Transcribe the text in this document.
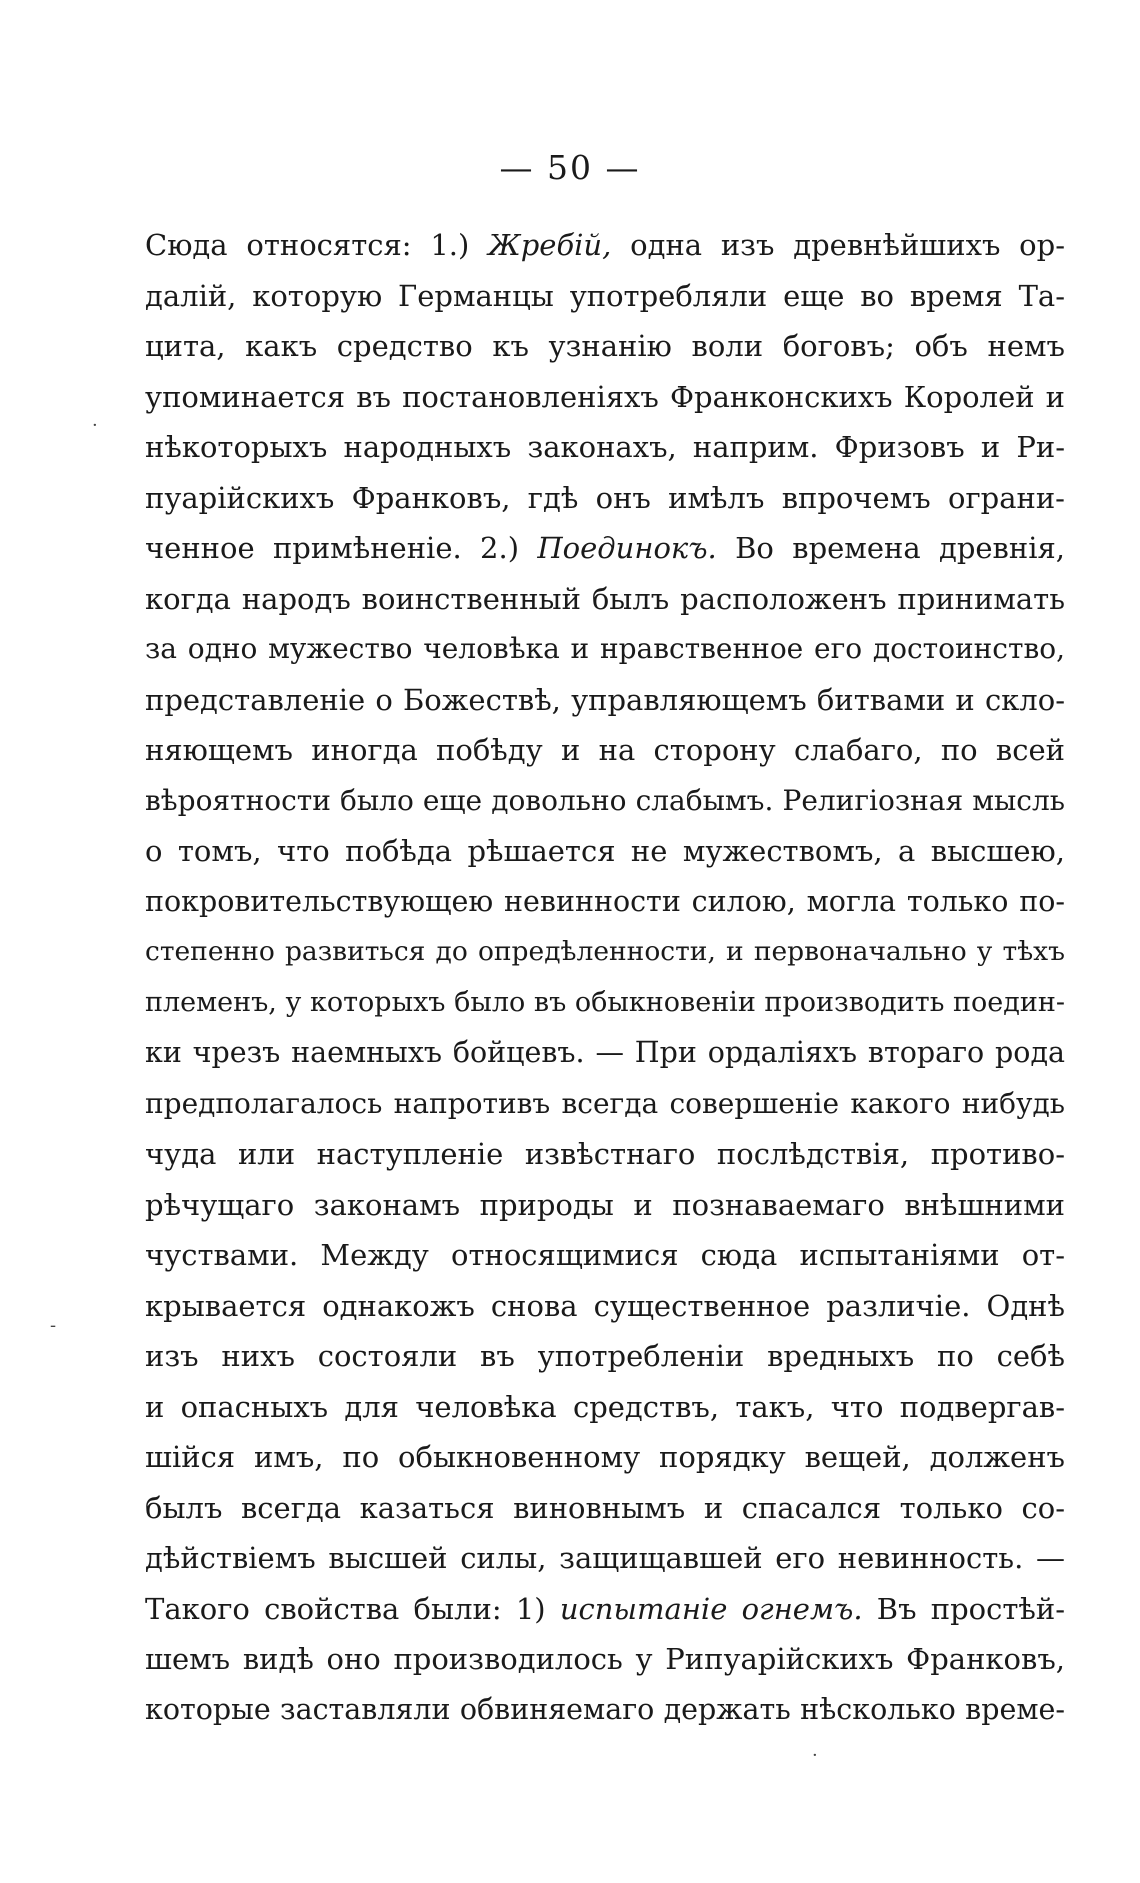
— 50 —
Сюда относятся: 1.) Жребій, одна изъ древнѣйшихъ ор-
далій, которую Германцы употребляли еще во время Та-
цита, какъ средство къ узнанію воли боговъ; объ немъ
упоминается въ постановленіяхъ Франконскихъ Королей и
нѣкоторыхъ народныхъ законахъ, наприм. Фризовъ и Ри-
пуарійскихъ Франковъ, гдѣ онъ имѣлъ впрочемъ ограни-
ченное примѣненіе. 2.) Поединокъ. Во времена древнія,
когда народъ воинственный былъ расположенъ принимать
за одно мужество человѣка и нравственное его достоинство,
представленіе о Божествѣ, управляющемъ битвами и скло-
няющемъ иногда побѣду и на сторону слабаго, по всей
вѣроятности было еще довольно слабымъ. Религіозная мысль
о томъ, что побѣда рѣшается не мужествомъ, а высшею,
покровительствующею невинности силою, могла только по-
степенно развиться до опредѣленности, и первоначально у тѣхъ
племенъ, у которыхъ было въ обыкновеніи производить поедин-
ки чрезъ наемныхъ бойцевъ. — При ордаліяхъ втораго рода
предполагалось напротивъ всегда совершеніе какого нибудь
чуда или наступленіе извѣстнаго послѣдствія, противо-
рѣчущаго законамъ природы и познаваемаго внѣшними
чуствами. Между относящимися сюда испытаніями от-
крывается однакожъ снова существенное различіе. Однѣ
изъ нихъ состояли въ употребленіи вредныхъ по себѣ
и опасныхъ для человѣка средствъ, такъ, что подвергав-
шійся имъ, по обыкновенному порядку вещей, долженъ
былъ всегда казаться виновнымъ и спасался только со-
дѣйствіемъ высшей силы, защищавшей его невинность. —
Такого свойства были: 1) испытаніе огнемъ. Въ простѣй-
шемъ видѣ оно производилось у Рипуарійскихъ Франковъ,
которые заставляли обвиняемаго держать нѣсколько време-
·
-
·
